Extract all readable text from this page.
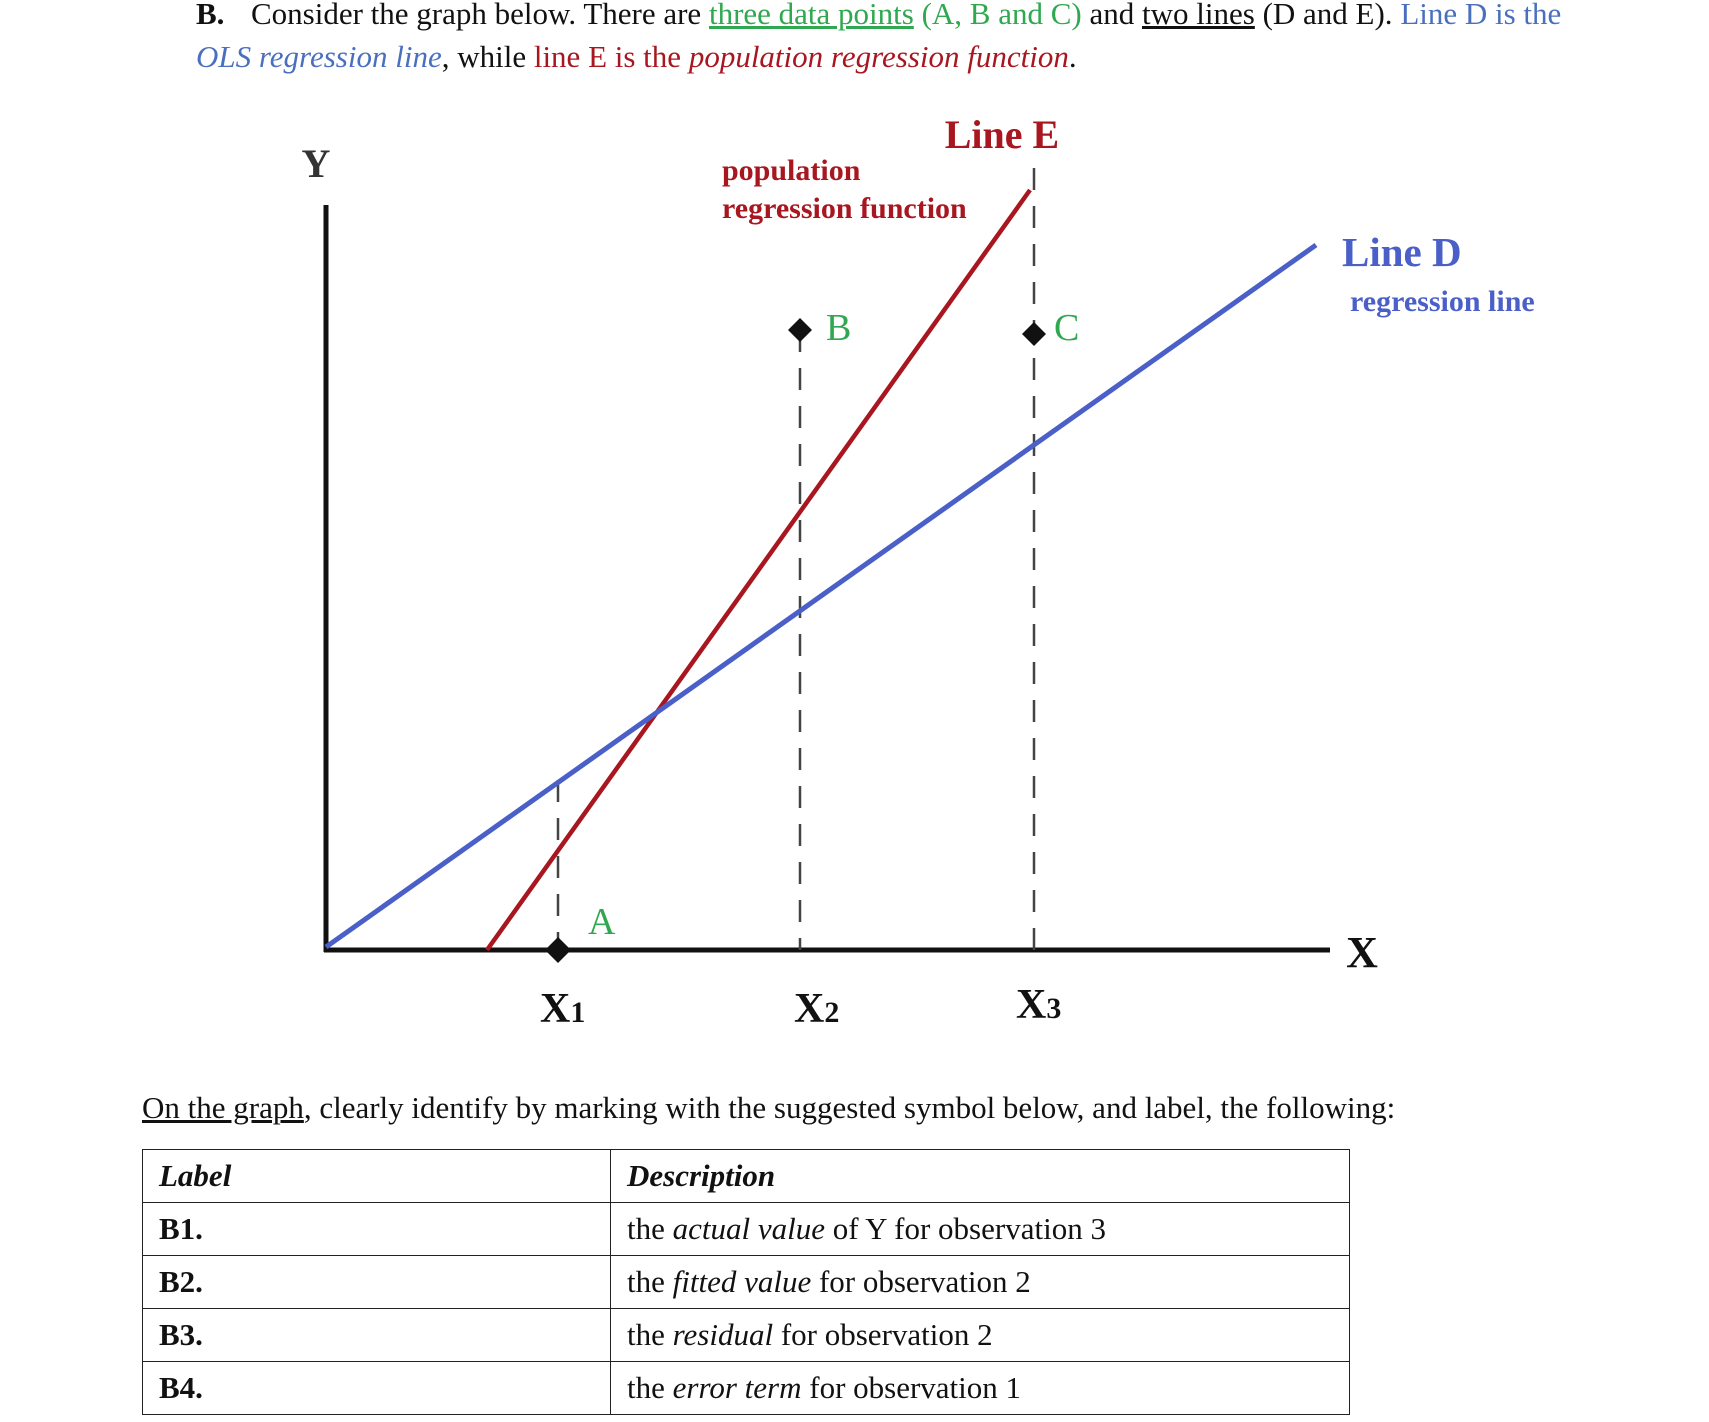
B. Consider the graph below. There are three data points (A, B and C) and two lines (D and E). Line D is the OLS regression line, while line E is the population regression function.
Y
X
Line E
population
regression function
Line D
regression line
A
B	C
X1	X2	X3
On the graph, clearly identify by marking with the suggested symbol below, and label, the following:
Label	Description
B1.	the actual value of Y for observation 3
B2.	the fitted value for observation 2
B3.	the residual for observation 2
B4.	the error term for observation 1
